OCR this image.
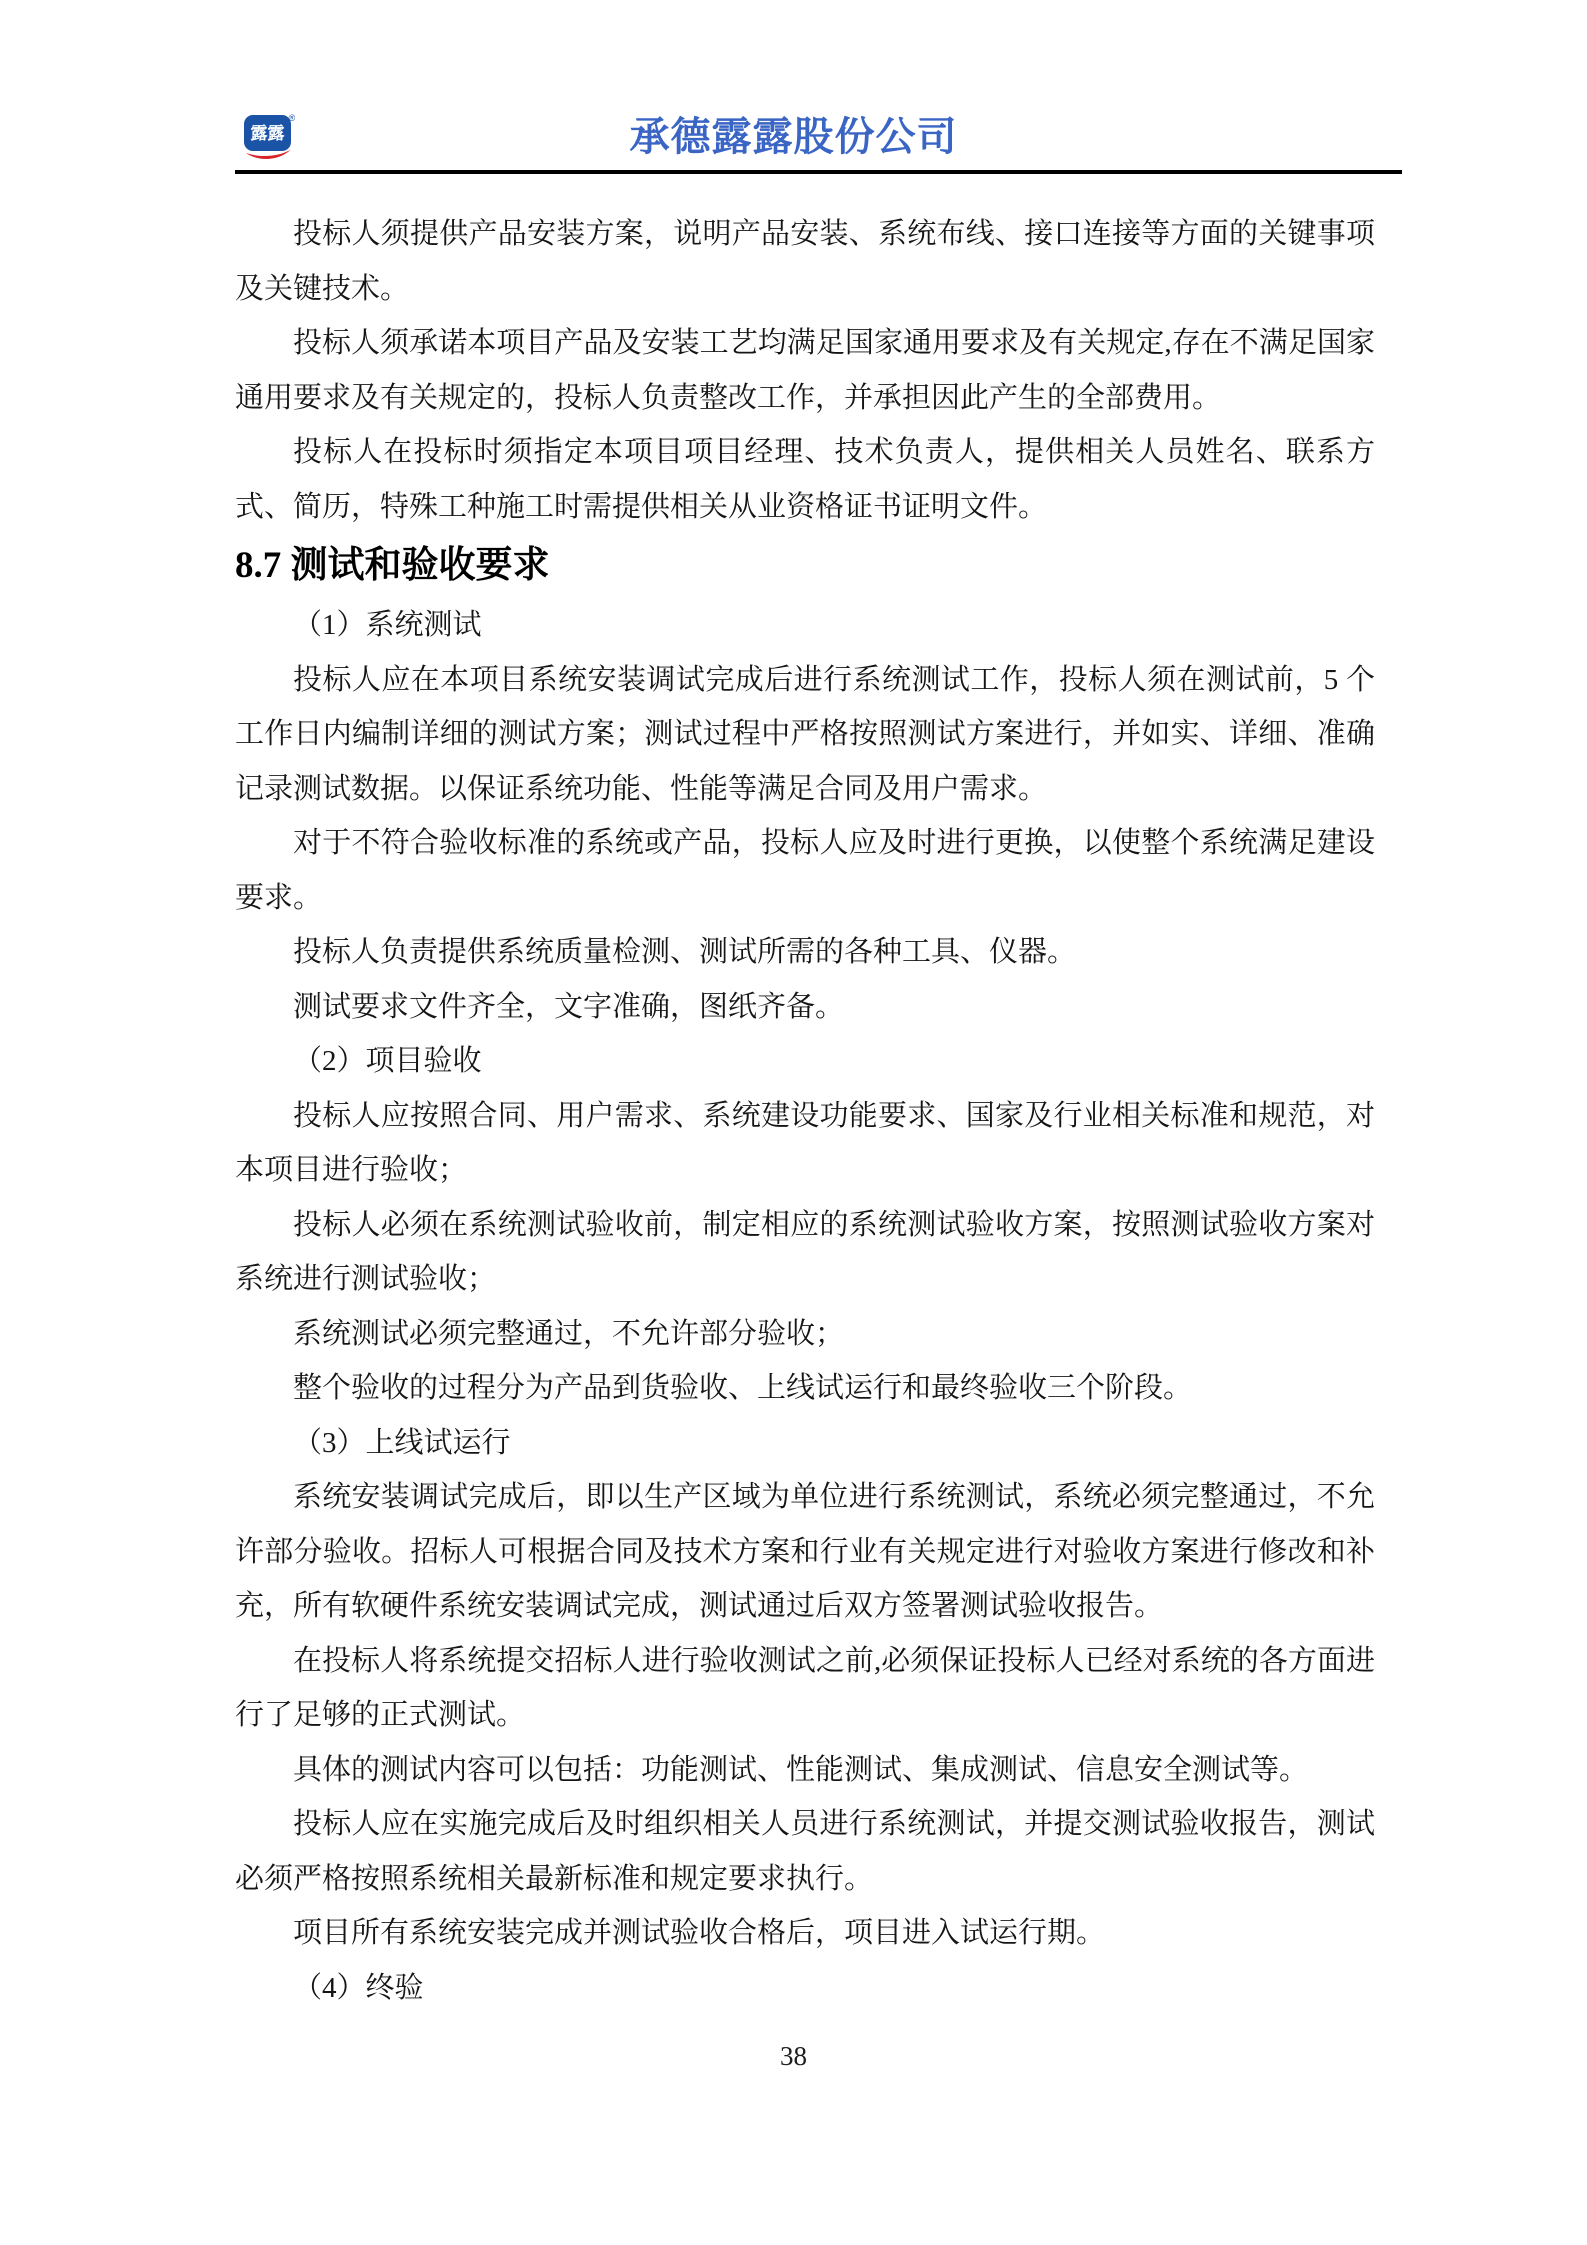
露露
®	承德露露股份公司

投标人须提供产品安装方案，说明产品安装、系统布线、接口连接等方面的关键事项及关键技术。

投标人须承诺本项目产品及安装工艺均满足国家通用要求及有关规定,存在不满足国家通用要求及有关规定的，投标人负责整改工作，并承担因此产生的全部费用。

投标人在投标时须指定本项目项目经理、技术负责人，提供相关人员姓名、联系方式、简历，特殊工种施工时需提供相关从业资格证书证明文件。

8.7 测试和验收要求

（1）系统测试

投标人应在本项目系统安装调试完成后进行系统测试工作，投标人须在测试前，5 个工作日内编制详细的测试方案；测试过程中严格按照测试方案进行，并如实、详细、准确记录测试数据。以保证系统功能、性能等满足合同及用户需求。

对于不符合验收标准的系统或产品，投标人应及时进行更换，以使整个系统满足建设要求。

投标人负责提供系统质量检测、测试所需的各种工具、仪器。

测试要求文件齐全，文字准确，图纸齐备。

（2）项目验收

投标人应按照合同、用户需求、系统建设功能要求、国家及行业相关标准和规范，对本项目进行验收；

投标人必须在系统测试验收前，制定相应的系统测试验收方案，按照测试验收方案对系统进行测试验收；

系统测试必须完整通过，不允许部分验收；

整个验收的过程分为产品到货验收、上线试运行和最终验收三个阶段。

（3）上线试运行

系统安装调试完成后，即以生产区域为单位进行系统测试，系统必须完整通过，不允许部分验收。招标人可根据合同及技术方案和行业有关规定进行对验收方案进行修改和补充，所有软硬件系统安装调试完成，测试通过后双方签署测试验收报告。

在投标人将系统提交招标人进行验收测试之前,必须保证投标人已经对系统的各方面进行了足够的正式测试。

具体的测试内容可以包括：功能测试、性能测试、集成测试、信息安全测试等。

投标人应在实施完成后及时组织相关人员进行系统测试，并提交测试验收报告，测试必须严格按照系统相关最新标准和规定要求执行。

项目所有系统安装完成并测试验收合格后，项目进入试运行期。

（4）终验

38
